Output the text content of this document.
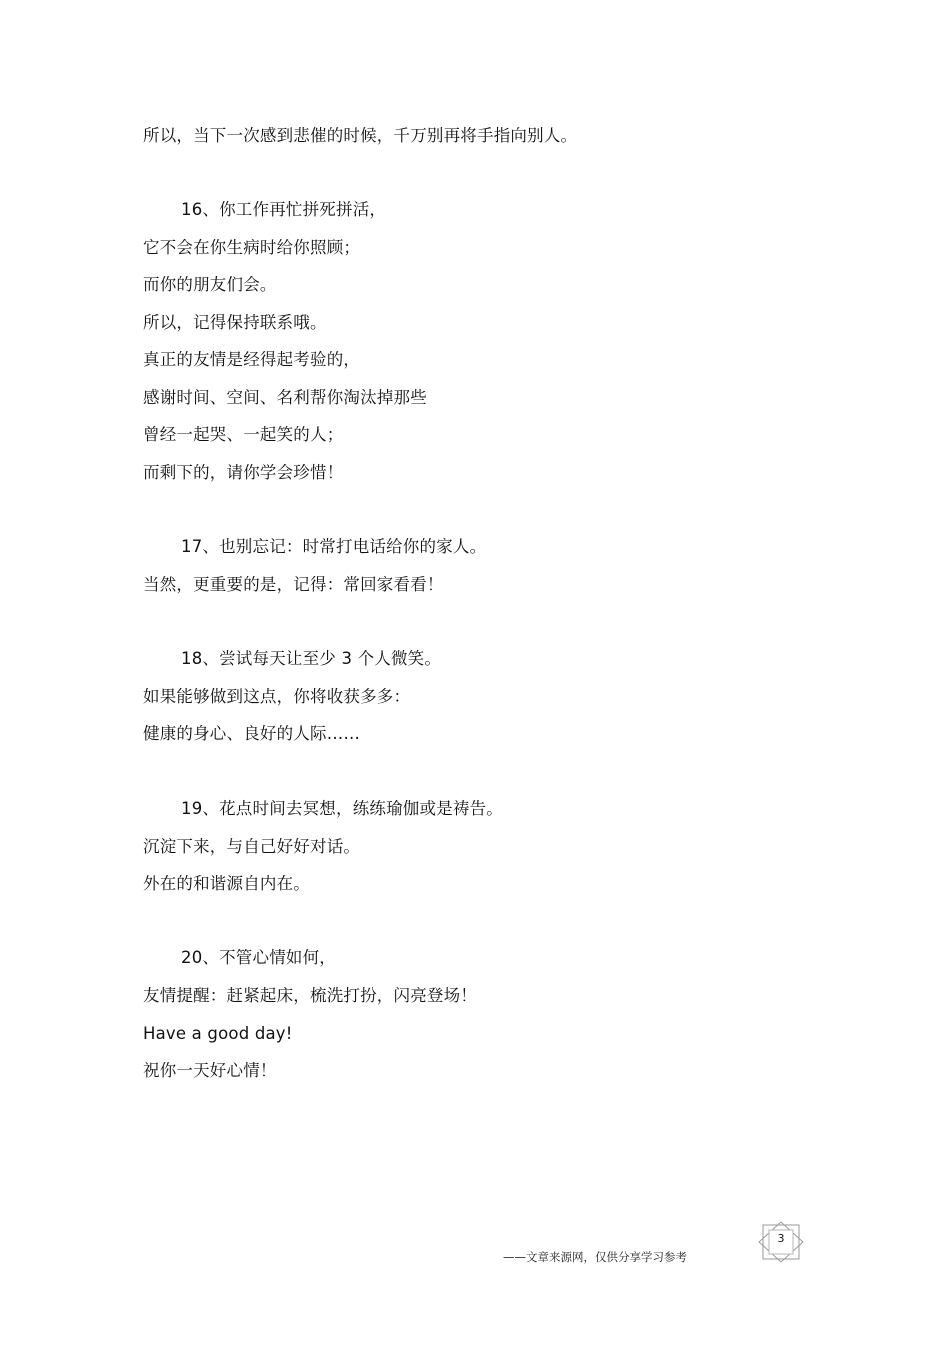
所以，当下一次感到悲催的时候，千万别再将手指向别人。
16、你工作再忙拼死拼活，
它不会在你生病时给你照顾；
而你的朋友们会。
所以，记得保持联系哦。
真正的友情是经得起考验的，
感谢时间、空间、名利帮你淘汰掉那些
曾经一起哭、一起笑的人；
而剩下的，请你学会珍惜！
17、也别忘记：时常打电话给你的家人。
当然，更重要的是，记得：常回家看看！
18、尝试每天让至少 3 个人微笑。
如果能够做到这点，你将收获多多：
健康的身心、良好的人际……
19、花点时间去冥想，练练瑜伽或是祷告。
沉淀下来，与自己好好对话。
外在的和谐源自内在。
20、不管心情如何，
友情提醒：赶紧起床，梳洗打扮，闪亮登场！
Have a good day!
祝你一天好心情！
——文章来源网，仅供分享学习参考
3
